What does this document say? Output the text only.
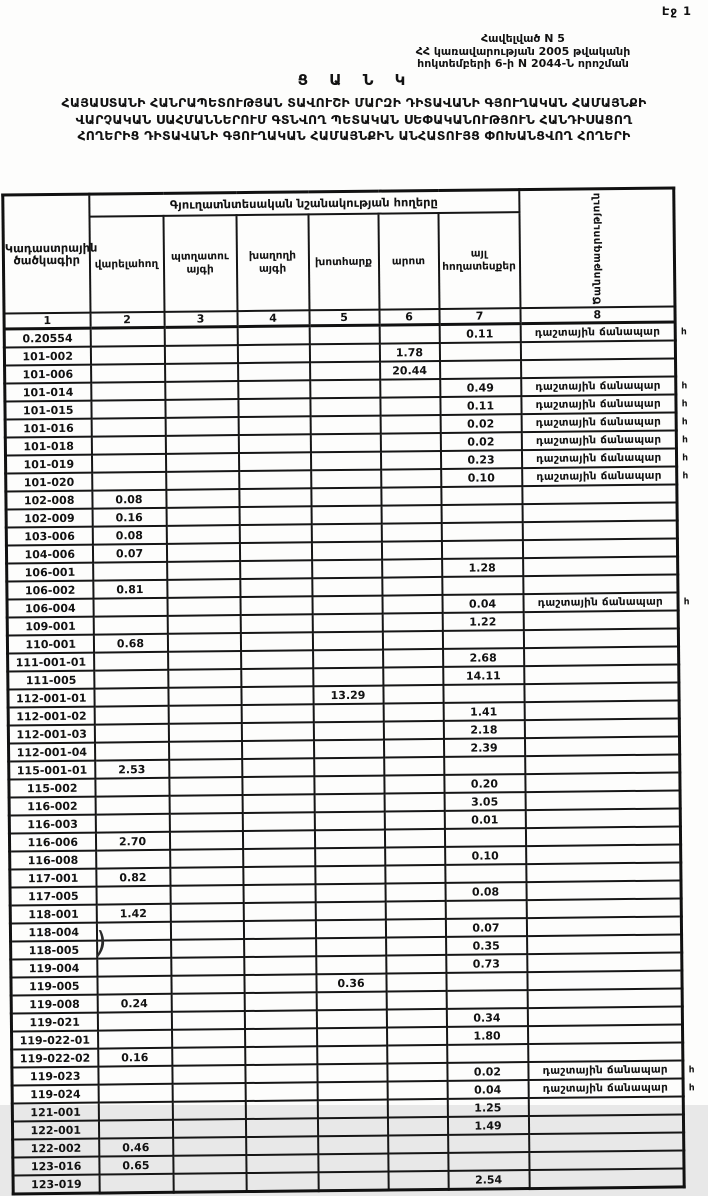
Էջ 1
Հավելված N 5
ՀՀ կառավարության 2005 թվականի
հոկտեմբերի 6-ի N 2044-Ն որոշման
Ց Ա Ն Կ
ՀԱՅԱՍՏԱՆԻ ՀԱՆՐԱՊԵՏՈՒԹՅԱՆ ՏԱՎՈՒՇԻ ՄԱՐԶԻ ԴԻՏԱՎԱՆԻ ԳՅՈՒՂԱԿԱՆ ՀԱՄԱՅՆՔԻ
ՎԱՐՉԱԿԱՆ ՍԱՀՄԱՆՆԵՐՈՒՄ ԳՏՆՎՈՂ ՊԵՏԱԿԱՆ ՍԵՓԱԿԱՆՈՒԹՅՈՒՆ ՀԱՆԴԻՍԱՑՈՂ
ՀՈՂԵՐԻՑ ԴԻՏԱՎԱՆԻ ԳՅՈՒՂԱԿԱՆ ՀԱՄԱՅՆՔԻՆ ԱՆՀԱՏՈՒՅՑ ՓՈԽԱՆՑՎՈՂ ՀՈՂԵՐԻ
Կադաստրային ծածկագիր	Գյուղատնտեսական նշանակության հողերը						Ծանոթագրություն

	վարելահող	պտղատու այգի	խաղողի այգի	խոտհարք	արոտ	այլ հողատեսքեր	
1	2	3	4	5	6	7	8
0.20554						0.11	դաշտային ճանապար հ

101-002					1.78		
101-006					20.44		
101-014						0.49	դաշտային ճանապար հ

101-015						0.11	դաշտային ճանապար հ

101-016						0.02	դաշտային ճանապար հ

101-018						0.02	դաշտային ճանապար հ

101-019						0.23	դաշտային ճանապար հ

101-020						0.10	դաշտային ճանապար հ

102-008	0.08						
102-009	0.16						
103-006	0.08						
104-006	0.07						
106-001						1.28	
106-002	0.81						
106-004						0.04	դաշտային ճանապար հ

109-001						1.22	
110-001	0.68						
111-001-01						2.68	
111-005						14.11	
112-001-01				13.29			
112-001-02						1.41	
112-001-03						2.18	
112-001-04						2.39	
115-001-01	2.53						
115-002						0.20	
116-002						3.05	
116-003						0.01	
116-006	2.70						
116-008						0.10	
117-001	0.82						
117-005						0.08	
118-001	1.42						
118-004						0.07	
118-005						0.35	
119-004						0.73	
119-005				0.36			
119-008	0.24						
119-021						0.34	
119-022-01						1.80	
119-022-02	0.16						
119-023						0.02	դաշտային ճանապար հ

119-024						0.04	դաշտային ճանապար հ

121-001						1.25	
122-001						1.49	
122-002	0.46						
123-016	0.65						
123-019						2.54	
)
